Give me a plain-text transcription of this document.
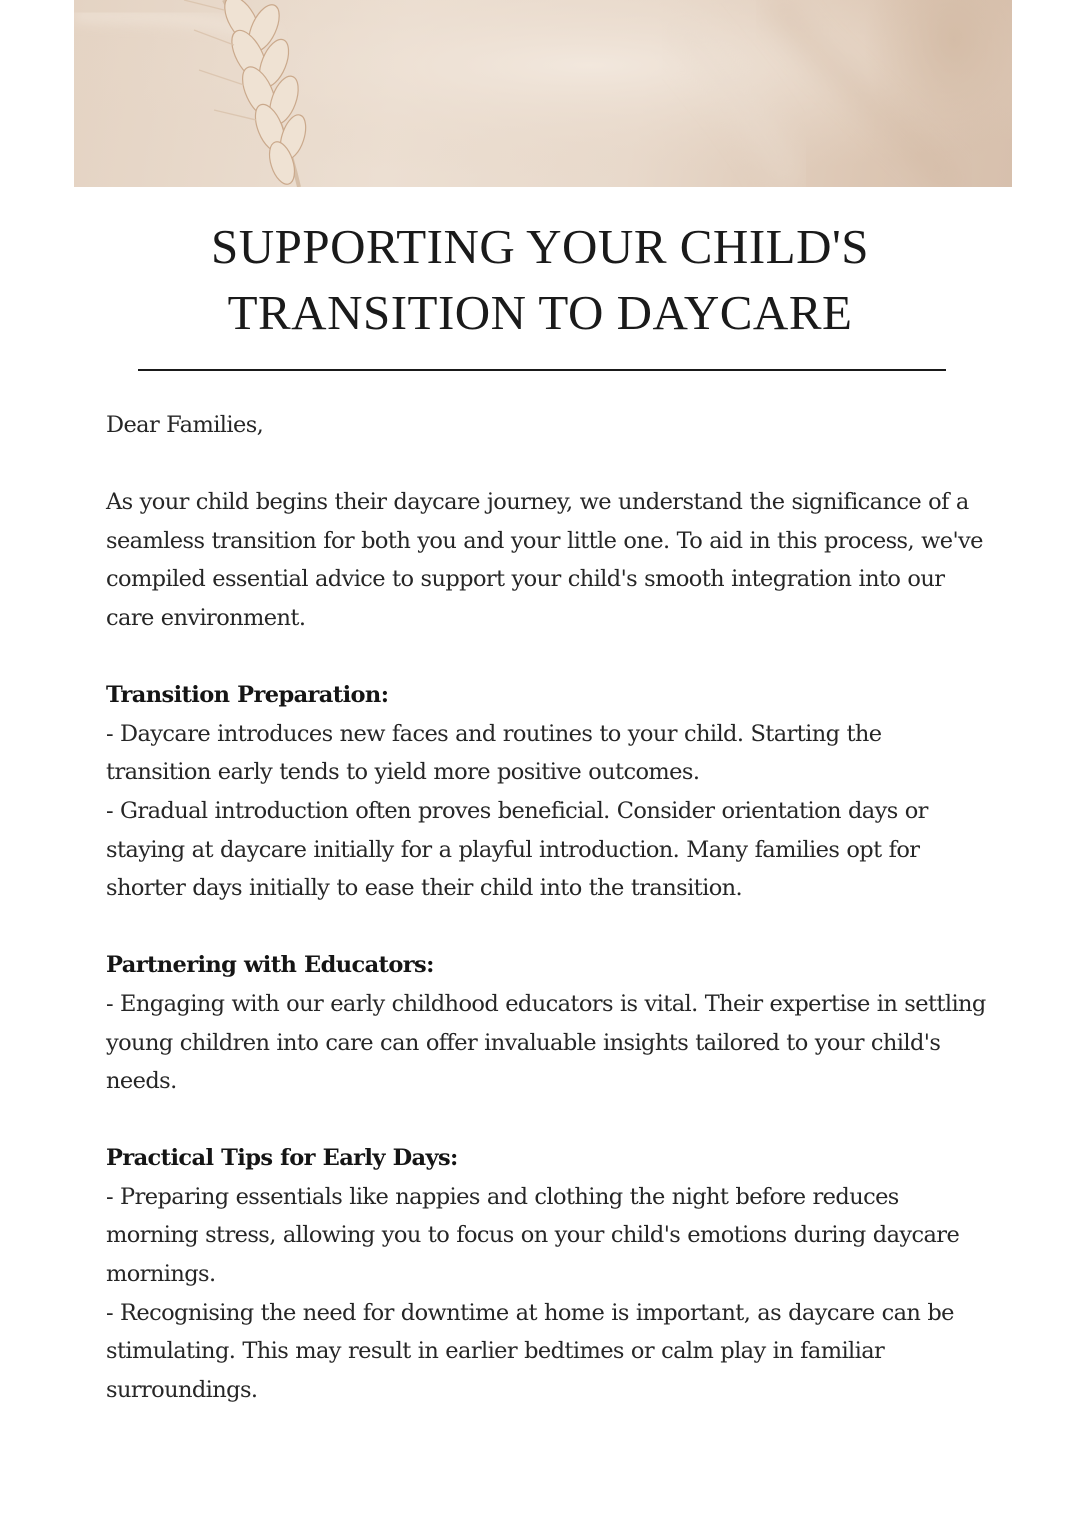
SUPPORTING YOUR CHILD'S
TRANSITION TO DAYCARE

Dear Families,

As your child begins their daycare journey, we understand the significance of a seamless transition for both you and your little one. To aid in this process, we've compiled essential advice to support your child's smooth integration into our care environment.

Transition Preparation:

- Daycare introduces new faces and routines to your child. Starting the transition early tends to yield more positive outcomes.

- Gradual introduction often proves beneficial. Consider orientation days or staying at daycare initially for a playful introduction. Many families opt for shorter days initially to ease their child into the transition.

Partnering with Educators:

- Engaging with our early childhood educators is vital. Their expertise in settling young children into care can offer invaluable insights tailored to your child's needs.

Practical Tips for Early Days:

- Preparing essentials like nappies and clothing the night before reduces morning stress, allowing you to focus on your child's emotions during daycare mornings.

- Recognising the need for downtime at home is important, as daycare can be stimulating. This may result in earlier bedtimes or calm play in familiar surroundings.
